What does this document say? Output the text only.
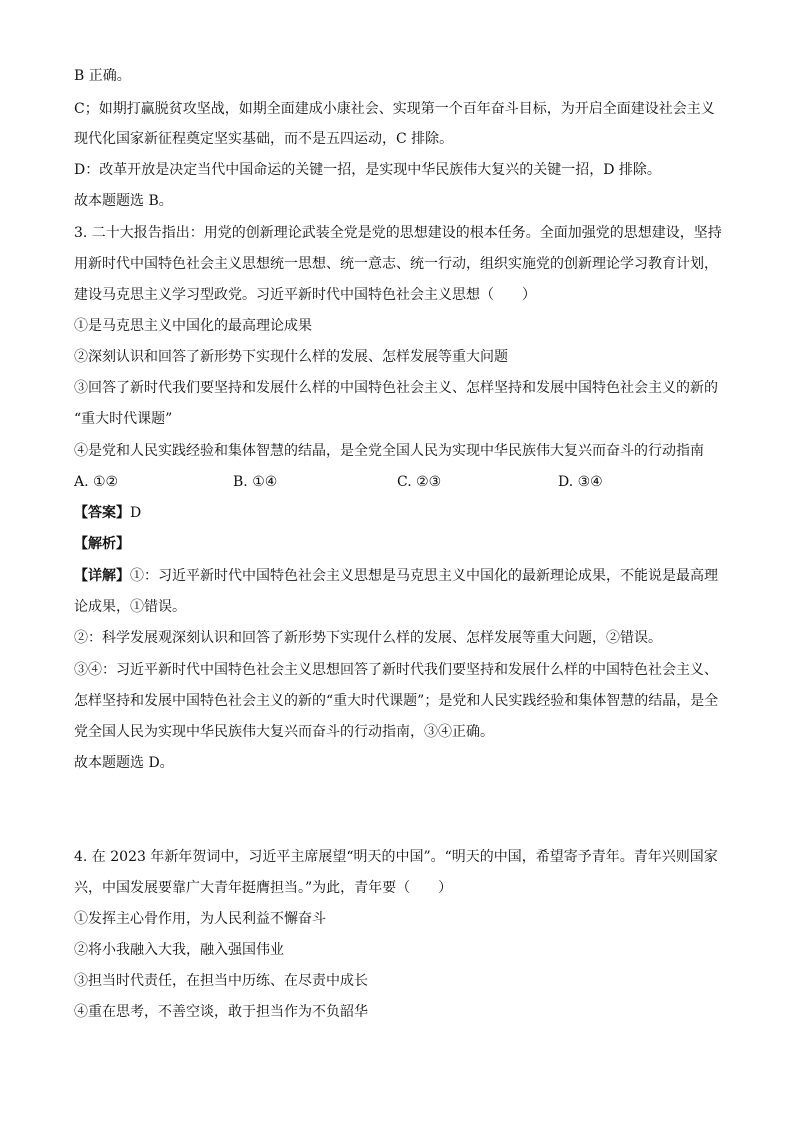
B 正确。
C；如期打赢脱贫攻坚战，如期全面建成小康社会、实现第一个百年奋斗目标，为开启全面建设社会主义
现代化国家新征程奠定坚实基础，而不是五四运动，C 排除。
D：改革开放是决定当代中国命运的关键一招，是实现中华民族伟大复兴的关键一招，D 排除。
故本题题选 B。
3. 二十大报告指出：用党的创新理论武装全党是党的思想建设的根本任务。全面加强党的思想建设，坚持
用新时代中国特色社会主义思想统一思想、统一意志、统一行动，组织实施党的创新理论学习教育计划，
建设马克思主义学习型政党。习近平新时代中国特色社会主义思想（　　）
①是马克思主义中国化的最高理论成果
②深刻认识和回答了新形势下实现什么样的发展、怎样发展等重大问题
③回答了新时代我们要坚持和发展什么样的中国特色社会主义、怎样坚持和发展中国特色社会主义的新的
“重大时代课题”
④是党和人民实践经验和集体智慧的结晶，是全党全国人民为实现中华民族伟大复兴而奋斗的行动指南
A. ①②	B. ①④	C. ②③	D. ③④
【答案】D
【解析】
【详解】①：习近平新时代中国特色社会主义思想是马克思主义中国化的最新理论成果，不能说是最高理
论成果，①错误。
②：科学发展观深刻认识和回答了新形势下实现什么样的发展、怎样发展等重大问题，②错误。
③④：习近平新时代中国特色社会主义思想回答了新时代我们要坚持和发展什么样的中国特色社会主义、
怎样坚持和发展中国特色社会主义的新的“重大时代课题”；是党和人民实践经验和集体智慧的结晶，是全
党全国人民为实现中华民族伟大复兴而奋斗的行动指南，③④正确。
故本题题选 D。
4. 在 2023 年新年贺词中，习近平主席展望“明天的中国”。“明天的中国，希望寄予青年。青年兴则国家
兴，中国发展要靠广大青年挺膺担当。”为此，青年要（　　）
①发挥主心骨作用，为人民利益不懈奋斗
②将小我融入大我，融入强国伟业
③担当时代责任，在担当中历练、在尽责中成长
④重在思考，不善空谈，敢于担当作为不负韶华
